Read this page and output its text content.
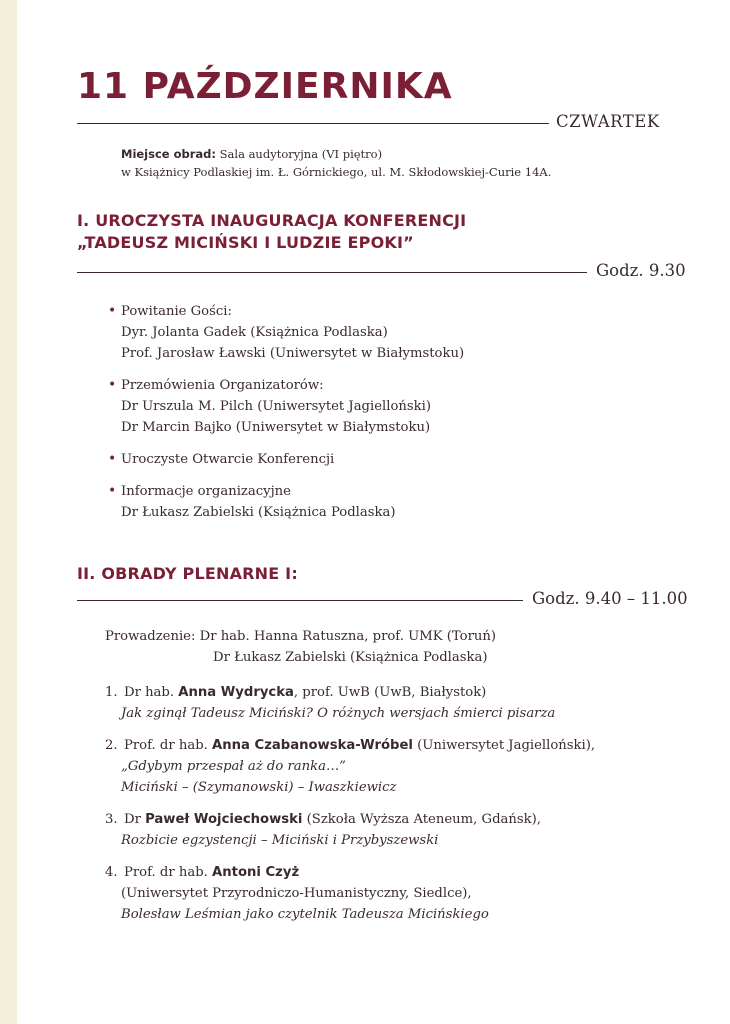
11 PAŹDZIERNIKA
CZWARTEK
Miejsce obrad: Sala audytoryjna (VI piętro)
w Książnicy Podlaskiej im. Ł. Górnickiego, ul. M. Skłodowskiej-Curie 14A.
I. UROCZYSTA INAUGURACJA KONFERENCJI
„TADEUSZ MICIŃSKI I LUDZIE EPOKI”
Godz. 9.30
• Powitanie Gości:
Dyr. Jolanta Gadek (Książnica Podlaska)
Prof. Jarosław Ławski (Uniwersytet w Białymstoku)
• Przemówienia Organizatorów:
Dr Urszula M. Pilch (Uniwersytet Jagielloński)
Dr Marcin Bajko (Uniwersytet w Białymstoku)
• Uroczyste Otwarcie Konferencji
• Informacje organizacyjne
Dr Łukasz Zabielski (Książnica Podlaska)
II. OBRADY PLENARNE I:
Godz. 9.40 – 11.00
Prowadzenie: Dr hab. Hanna Ratuszna, prof. UMK (Toruń)
Dr Łukasz Zabielski (Książnica Podlaska)
1. Dr hab. Anna Wydrycka, prof. UwB (UwB, Białystok)
Jak zginął Tadeusz Miciński? O różnych wersjach śmierci pisarza
2. Prof. dr hab. Anna Czabanowska-Wróbel (Uniwersytet Jagielloński),
„Gdybym przespał aż do ranka…”
Miciński – (Szymanowski) – Iwaszkiewicz
3. Dr Paweł Wojciechowski (Szkoła Wyższa Ateneum, Gdańsk),
Rozbicie egzystencji – Miciński i Przybyszewski
4. Prof. dr hab. Antoni Czyż
(Uniwersytet Przyrodniczo-Humanistyczny, Siedlce),
Bolesław Leśmian jako czytelnik Tadeusza Micińskiego
